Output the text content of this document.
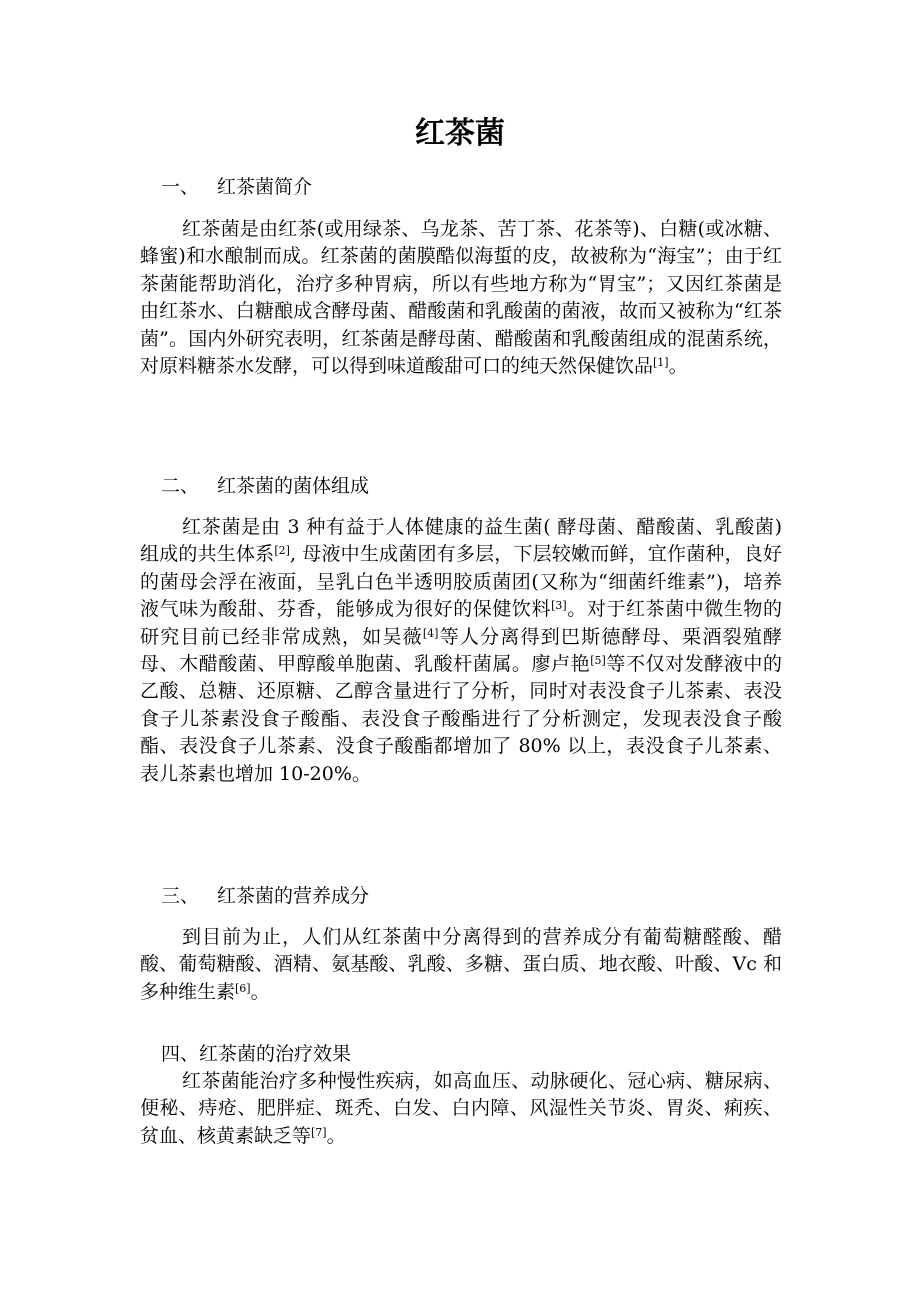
红茶菌
一、 红茶菌简介

红茶菌是由红茶(或用绿茶、乌龙茶、苦丁茶、花茶等)、白糖(或冰糖、蜂蜜)和水酿制而成。红茶菌的菌膜酷似海蜇的皮，故被称为“海宝”；由于红茶菌能帮助消化，治疗多种胃病，所以有些地方称为“胃宝”；又因红茶菌是由红茶水、白糖酿成含酵母菌、醋酸菌和乳酸菌的菌液，故而又被称为“红茶菌”。国内外研究表明，红茶菌是酵母菌、醋酸菌和乳酸菌组成的混菌系统，对原料糖茶水发酵，可以得到味道酸甜可口的纯天然保健饮品[1]。

二、 红茶菌的菌体组成

红茶菌是由 3 种有益于人体健康的益生菌( 酵母菌、醋酸菌、乳酸菌) 组成的共生体系[2], 母液中生成菌团有多层，下层较嫩而鲜，宜作菌种，良好的菌母会浮在液面，呈乳白色半透明胶质菌团(又称为“细菌纤维素”)，培养液气味为酸甜、芬香，能够成为很好的保健饮料[3]。对于红茶菌中微生物的研究目前已经非常成熟，如吴薇[4]等人分离得到巴斯德酵母、栗酒裂殖酵母、木醋酸菌、甲醇酸单胞菌、乳酸杆菌属。廖卢艳[5]等不仅对发酵液中的乙酸、总糖、还原糖、乙醇含量进行了分析，同时对表没食子儿茶素、表没食子儿茶素没食子酸酯、表没食子酸酯进行了分析测定，发现表没食子酸酯、表没食子儿茶素、没食子酸酯都增加了 80% 以上，表没食子儿茶素、表儿茶素也增加 10-20%。

三、 红茶菌的营养成分

到目前为止，人们从红茶菌中分离得到的营养成分有葡萄糖醛酸、醋酸、葡萄糖酸、酒精、氨基酸、乳酸、多糖、蛋白质、地衣酸、叶酸、Vc 和多种维生素[6]。

四、红茶菌的治疗效果

红茶菌能治疗多种慢性疾病，如高血压、动脉硬化、冠心病、糖尿病、便秘、痔疮、肥胖症、斑秃、白发、白内障、风湿性关节炎、胃炎、痢疾、贫血、核黄素缺乏等[7]。
